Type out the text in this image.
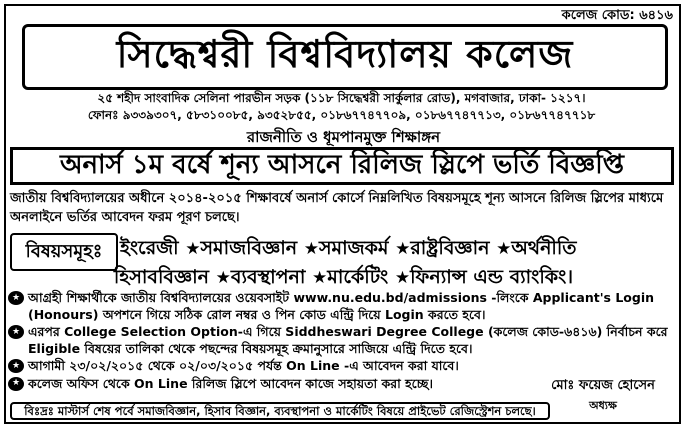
কলেজ কোড: ৬৪১৬
সিদ্ধেশ্বরী বিশ্ববিদ্যালয় কলেজ
২৫ শহীদ সাংবাদিক সেলিনা পারভীন সড়ক (১১৮ সিদ্ধেশ্বরী সার্কুলার রোড), মগবাজার, ঢাকা- ১২১৭।
ফোনঃ ৯৩৩৯৩০৭, ৫৮৩১০০৮৫, ৯৩৫২৮৫৫, ০১৮৬৭৭৪৭৭০৯, ০১৮৬৭৭৪৭৭১৩, ০১৮৬৭৭৪৭৭১৮
রাজনীতি ও ধূমপানমুক্ত শিক্ষাঙ্গন
অনার্স ১ম বর্ষে শূন্য আসনে রিলিজ স্লিপে ভর্তি বিজ্ঞপ্তি
জাতীয় বিশ্ববিদ্যালয়ের অধীনে ২০১৪-২০১৫ শিক্ষাবর্ষে অনার্স কোর্সে নিম্নলিখিত বিষয়সমূহে শূন্য আসনে রিলিজ স্লিপের মাধ্যমে অনলাইনে ভর্তির আবেদন ফরম পূরণ চলছে।
বিষয়সমূহঃ ইংরেজী ★সমাজবিজ্ঞান ★সমাজকর্ম ★রাষ্ট্রবিজ্ঞান ★অর্থনীতি
হিসাববিজ্ঞান ★ব্যবস্থাপনা ★মার্কেটিং ★ফিন্যান্স এন্ড ব্যাংকিং।
★ আগ্রহী শিক্ষার্থীকে জাতীয় বিশ্ববিদ্যালয়ের ওয়েবসাইট www.nu.edu.bd/admissions -লিংকে Applicant's Login (Honours) অপশনে গিয়ে সঠিক রোল নম্বর ও পিন কোড এন্ট্রি দিয়ে Login করতে হবে।
★ এরপর College Selection Option-এ গিয়ে Siddheswari Degree College (কলেজ কোড-৬৪১৬) নির্বাচন করে Eligible বিষয়ের তালিকা থেকে পছন্দের বিষয়সমূহ ক্রমানুসারে সাজিয়ে এন্ট্রি দিতে হবে।
★ আগামী ২৩/০২/২০১৫ থেকে ০২/০৩/২০১৫ পর্যন্ত On Line -এ আবেদন করা যাবে।
★ কলেজ অফিস থেকে On Line রিলিজ স্লিপে আবেদন কাজে সহায়তা করা হচ্ছে।	মোঃ ফয়েজ হোসেন
অধ্যক্ষ
বিঃদ্রঃ মাস্টার্স শেষ পর্বে সমাজবিজ্ঞান, হিসাব বিজ্ঞান, ব্যবস্থাপনা ও মার্কেটিং বিষয়ে প্রাইভেট রেজিস্ট্রেশন চলছে।
